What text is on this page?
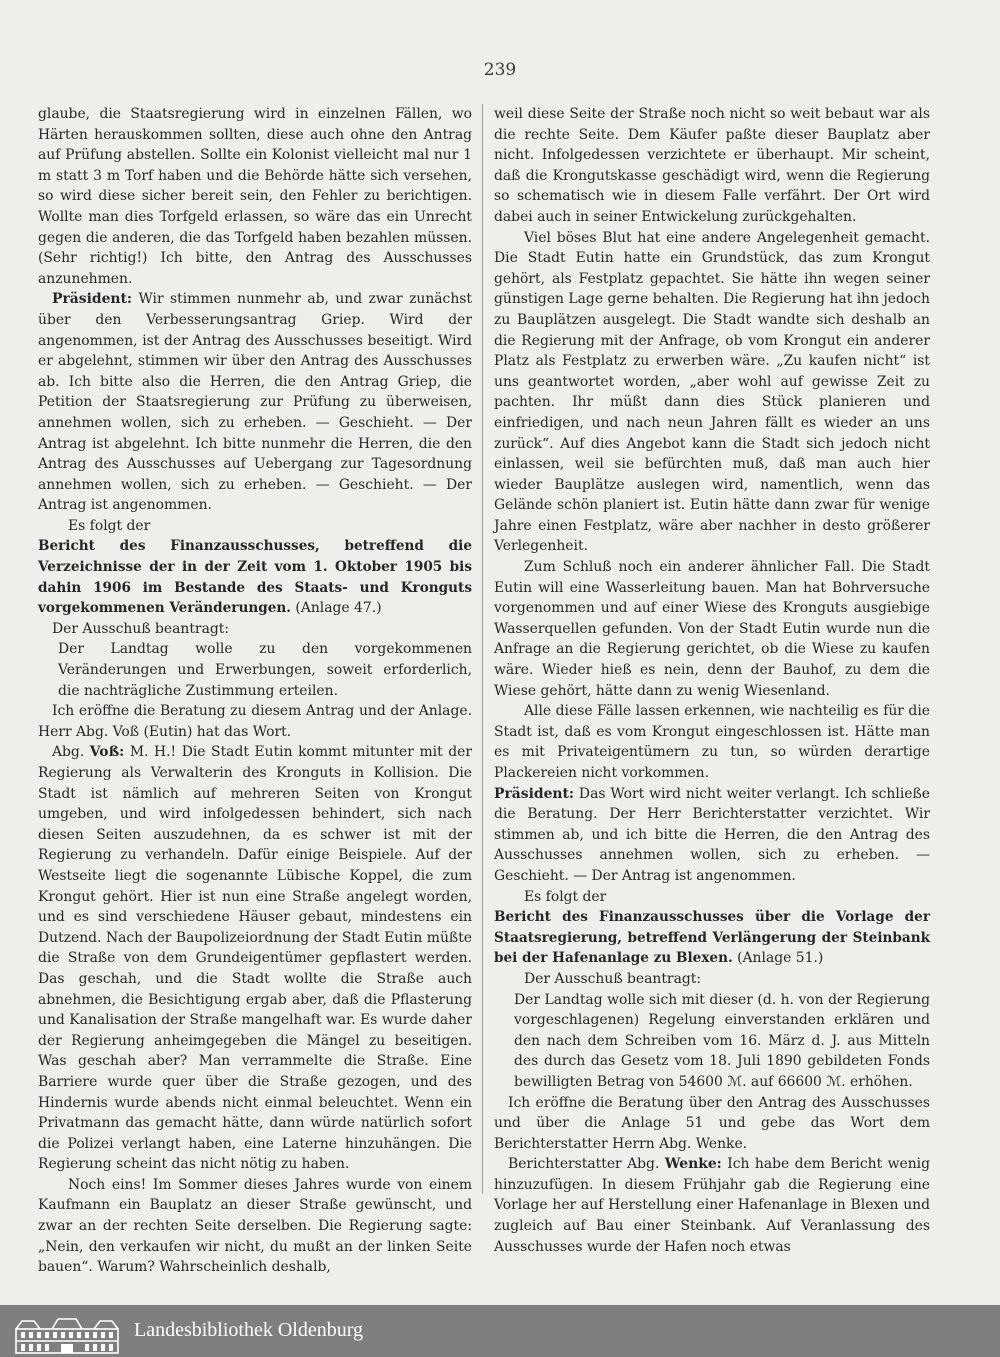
239

glaube, die Staatsregierung wird in einzelnen Fällen, wo Härten herauskommen sollten, diese auch ohne den Antrag auf Prüfung abstellen. Sollte ein Kolonist vielleicht mal nur 1 m statt 3 m Torf haben und die Behörde hätte sich versehen, so wird diese sicher bereit sein, den Fehler zu berichtigen. Wollte man dies Torfgeld erlassen, so wäre das ein Unrecht gegen die anderen, die das Torfgeld haben bezahlen müssen. (Sehr richtig!) Ich bitte, den Antrag des Ausschusses anzunehmen.

Präsident: Wir stimmen nunmehr ab, und zwar zunächst über den Verbesserungsantrag Griep. Wird der angenommen, ist der Antrag des Ausschusses beseitigt. Wird er abgelehnt, stimmen wir über den Antrag des Ausschusses ab. Ich bitte also die Herren, die den Antrag Griep, die Petition der Staatsregierung zur Prüfung zu überweisen, annehmen wollen, sich zu erheben. — Geschieht. — Der Antrag ist abgelehnt. Ich bitte nunmehr die Herren, die den Antrag des Ausschusses auf Uebergang zur Tagesordnung annehmen wollen, sich zu erheben. — Geschieht. — Der Antrag ist angenommen.

Es folgt der

Bericht des Finanzausschusses, betreffend die Verzeichnisse der in der Zeit vom 1. Oktober 1905 bis dahin 1906 im Bestande des Staats- und Kronguts vorgekommenen Veränderungen. (Anlage 47.)

Der Ausschuß beantragt:

Der Landtag wolle zu den vorgekommenen Veränderungen und Erwerbungen, soweit erforderlich, die nachträgliche Zustimmung erteilen.

Ich eröffne die Beratung zu diesem Antrag und der Anlage. Herr Abg. Voß (Eutin) hat das Wort.

Abg. Voß: M. H.! Die Stadt Eutin kommt mitunter mit der Regierung als Verwalterin des Kronguts in Kollision. Die Stadt ist nämlich auf mehreren Seiten von Krongut umgeben, und wird infolgedessen behindert, sich nach diesen Seiten auszudehnen, da es schwer ist mit der Regierung zu verhandeln. Dafür einige Beispiele. Auf der Westseite liegt die sogenannte Lübische Koppel, die zum Krongut gehört. Hier ist nun eine Straße angelegt worden, und es sind verschiedene Häuser gebaut, mindestens ein Dutzend. Nach der Baupolizeiordnung der Stadt Eutin müßte die Straße von dem Grundeigentümer gepflastert werden. Das geschah, und die Stadt wollte die Straße auch abnehmen, die Besichtigung ergab aber, daß die Pflasterung und Kanalisation der Straße mangelhaft war. Es wurde daher der Regierung anheimgegeben die Mängel zu beseitigen. Was geschah aber? Man verrammelte die Straße. Eine Barriere wurde quer über die Straße gezogen, und des Hindernis wurde abends nicht einmal beleuchtet. Wenn ein Privatmann das gemacht hätte, dann würde natürlich sofort die Polizei verlangt haben, eine Laterne hinzuhängen. Die Regierung scheint das nicht nötig zu haben.

Noch eins! Im Sommer dieses Jahres wurde von einem Kaufmann ein Bauplatz an dieser Straße gewünscht, und zwar an der rechten Seite derselben. Die Regierung sagte: „Nein, den verkaufen wir nicht, du mußt an der linken Seite bauen“. Warum? Wahrscheinlich deshalb,

weil diese Seite der Straße noch nicht so weit bebaut war als die rechte Seite. Dem Käufer paßte dieser Bauplatz aber nicht. Infolgedessen verzichtete er überhaupt. Mir scheint, daß die Krongutskasse geschädigt wird, wenn die Regierung so schematisch wie in diesem Falle verfährt. Der Ort wird dabei auch in seiner Entwickelung zurückgehalten.

Viel böses Blut hat eine andere Angelegenheit gemacht. Die Stadt Eutin hatte ein Grundstück, das zum Krongut gehört, als Festplatz gepachtet. Sie hätte ihn wegen seiner günstigen Lage gerne behalten. Die Regierung hat ihn jedoch zu Bauplätzen ausgelegt. Die Stadt wandte sich deshalb an die Regierung mit der Anfrage, ob vom Krongut ein anderer Platz als Festplatz zu erwerben wäre. „Zu kaufen nicht“ ist uns geantwortet worden, „aber wohl auf gewisse Zeit zu pachten. Ihr müßt dann dies Stück planieren und einfriedigen, und nach neun Jahren fällt es wieder an uns zurück“. Auf dies Angebot kann die Stadt sich jedoch nicht einlassen, weil sie befürchten muß, daß man auch hier wieder Bauplätze auslegen wird, namentlich, wenn das Gelände schön planiert ist. Eutin hätte dann zwar für wenige Jahre einen Festplatz, wäre aber nachher in desto größerer Verlegenheit.

Zum Schluß noch ein anderer ähnlicher Fall. Die Stadt Eutin will eine Wasserleitung bauen. Man hat Bohrversuche vorgenommen und auf einer Wiese des Kronguts ausgiebige Wasserquellen gefunden. Von der Stadt Eutin wurde nun die Anfrage an die Regierung gerichtet, ob die Wiese zu kaufen wäre. Wieder hieß es nein, denn der Bauhof, zu dem die Wiese gehört, hätte dann zu wenig Wiesenland.

Alle diese Fälle lassen erkennen, wie nachteilig es für die Stadt ist, daß es vom Krongut eingeschlossen ist. Hätte man es mit Privateigentümern zu tun, so würden derartige Plackereien nicht vorkommen.

Präsident: Das Wort wird nicht weiter verlangt. Ich schließe die Beratung. Der Herr Berichterstatter verzichtet. Wir stimmen ab, und ich bitte die Herren, die den Antrag des Ausschusses annehmen wollen, sich zu erheben. — Geschieht. — Der Antrag ist angenommen.

Es folgt der

Bericht des Finanzausschusses über die Vorlage der Staatsregierung, betreffend Verlängerung der Steinbank bei der Hafenanlage zu Blexen. (Anlage 51.)

Der Ausschuß beantragt:

Der Landtag wolle sich mit dieser (d. h. von der Regierung vorgeschlagenen) Regelung einverstanden erklären und den nach dem Schreiben vom 16. März d. J. aus Mitteln des durch das Gesetz vom 18. Juli 1890 gebildeten Fonds bewilligten Betrag von 54600 ℳ. auf 66600 ℳ. erhöhen.

Ich eröffne die Beratung über den Antrag des Ausschusses und über die Anlage 51 und gebe das Wort dem Berichterstatter Herrn Abg. Wenke.

Berichterstatter Abg. Wenke: Ich habe dem Bericht wenig hinzuzufügen. In diesem Frühjahr gab die Regierung eine Vorlage her auf Herstellung einer Hafenanlage in Blexen und zugleich auf Bau einer Steinbank. Auf Veranlassung des Ausschusses wurde der Hafen noch etwas

Landesbibliothek Oldenburg
